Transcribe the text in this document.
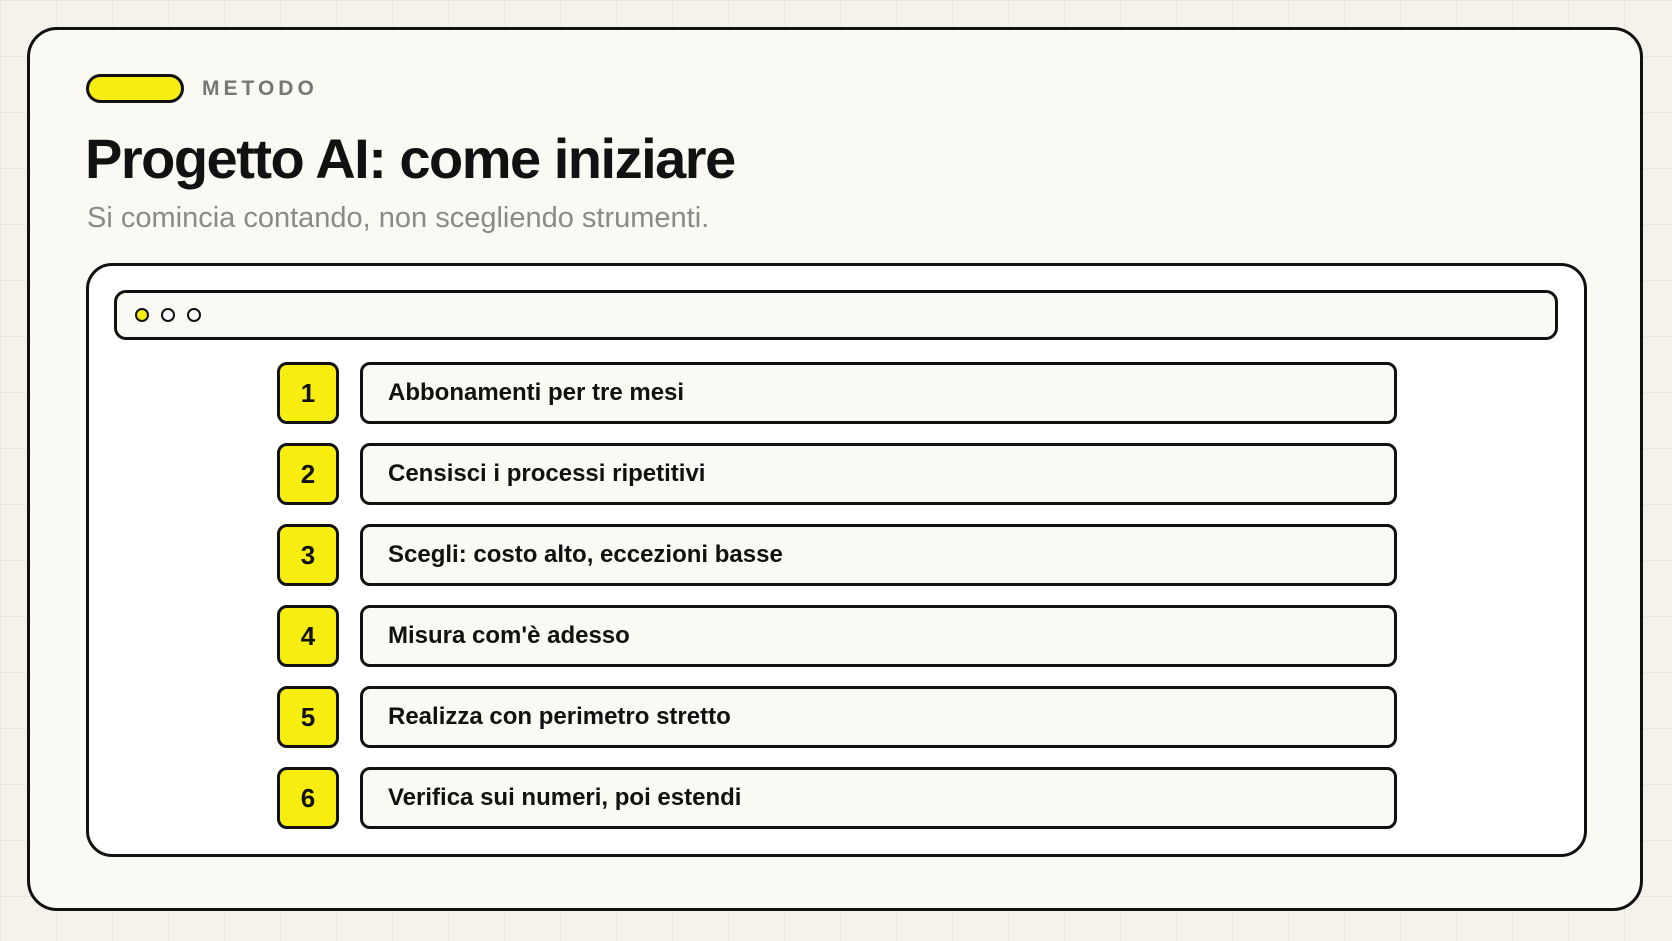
METODO
Progetto AI: come iniziare
Si comincia contando, non scegliendo strumenti.
1	Abbonamenti per tre mesi
2	Censisci i processi ripetitivi
3	Scegli: costo alto, eccezioni basse
4	Misura com'è adesso
5	Realizza con perimetro stretto
6	Verifica sui numeri, poi estendi
